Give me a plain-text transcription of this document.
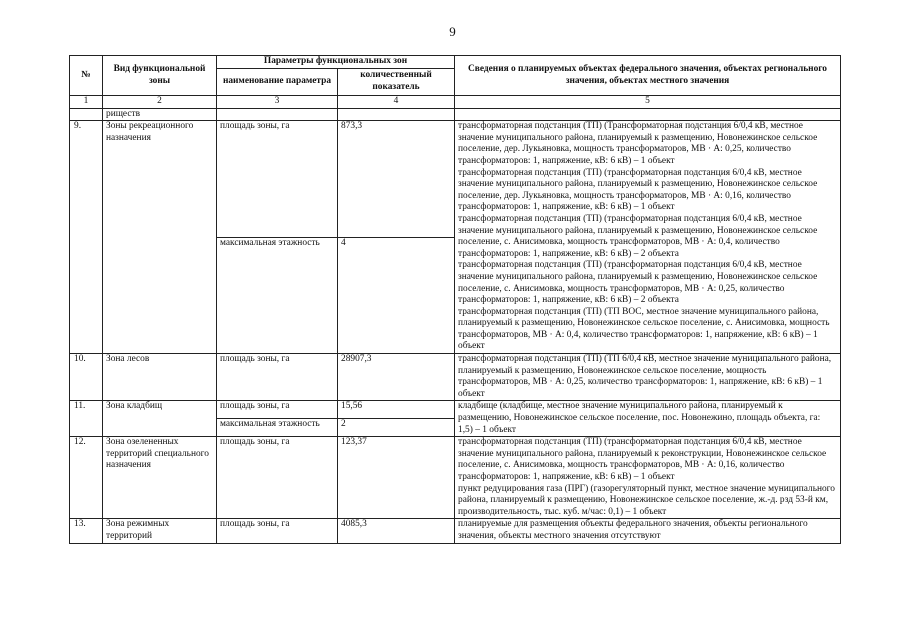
9
№	Вид функциональной зоны	Параметры функциональных зон		Сведения о планируемых объектах федерального значения, объектах регионального значения, объектах местного значения
		наименование параметра	количественный показатель	
1	2	3	4	5
	риществ			
9.	Зоны рекреационного назначения	площадь зоны, га	873,3	трансформаторная подстанция (ТП) (Трансформаторная подстанция 6/0,4 кВ, местное значение муниципального района, планируемый к размещению, Новонежинское сельское поселение, дер. Лукьяновка, мощность трансформаторов, МВ · А: 0,25, количество трансформаторов: 1, напряжение, кВ: 6 кВ) – 1 объект
трансформаторная подстанция (ТП) (трансформаторная подстанция 6/0,4 кВ, местное значение муниципального района, планируемый к размещению, Новонежинское сельское поселение, дер. Лукьяновка, мощность трансформаторов, МВ · А: 0,16, количество трансформаторов: 1, напряжение, кВ: 6 кВ) – 1 объект
трансформаторная подстанция (ТП) (трансформаторная подстанция 6/0,4 кВ, местное значение муниципального района, планируемый к размещению, Новонежинское сельское поселение, с. Анисимовка, мощность трансформаторов, МВ · А: 0,4, количество трансформаторов: 1, напряжение, кВ: 6 кВ) – 2 объекта
трансформаторная подстанция (ТП) (трансформаторная подстанция 6/0,4 кВ, местное значение муниципального района, планируемый к размещению, Новонежинское сельское поселение, с. Анисимовка, мощность трансформаторов, МВ · А: 0,25, количество трансформаторов: 1, напряжение, кВ: 6 кВ) – 2 объекта
трансформаторная подстанция (ТП) (ТП ВОС, местное значение муниципального района, планируемый к размещению, Новонежинское сельское поселение, с. Анисимовка, мощность трансформаторов, МВ · А: 0,4, количество трансформаторов: 1, напряжение, кВ: 6 кВ) – 1 объект

		максимальная этажность	4	
10.	Зона лесов	площадь зоны, га	28907,3	трансформаторная подстанция (ТП) (ТП 6/0,4 кВ, местное значение муниципального района, планируемый к размещению, Новонежинское сельское поселение, мощность трансформаторов, МВ · А: 0,25, количество трансформаторов: 1, напряжение, кВ: 6 кВ) – 1 объект

11.	Зона кладбищ	площадь зоны, га	15,56	кладбище (кладбище, местное значение муниципального района, планируемый к размещению, Новонежинское сельское поселение, пос. Новонежино, площадь объекта, га: 1,5) – 1 объект

		максимальная этажность	2	
12.	Зона озелененных территорий специального назначения	площадь зоны, га	123,37	трансформаторная подстанция (ТП) (трансформаторная подстанция 6/0,4 кВ, местное значение муниципального района, планируемый к реконструкции, Новонежинское сельское поселение, с. Анисимовка, мощность трансформаторов, МВ · А: 0,16, количество трансформаторов: 1, напряжение, кВ: 6 кВ) – 1 объект
пункт редуцирования газа (ПРГ) (газорегуляторный пункт, местное значение муниципального района, планируемый к размещению, Новонежинское сельское поселение, ж.-д. рзд 53-й км, производительность, тыс. куб. м/час: 0,1) – 1 объект

13.	Зона режимных территорий	площадь зоны, га	4085,3	планируемые для размещения объекты федерального значения, объекты регионального значения, объекты местного значения отсутствуют
